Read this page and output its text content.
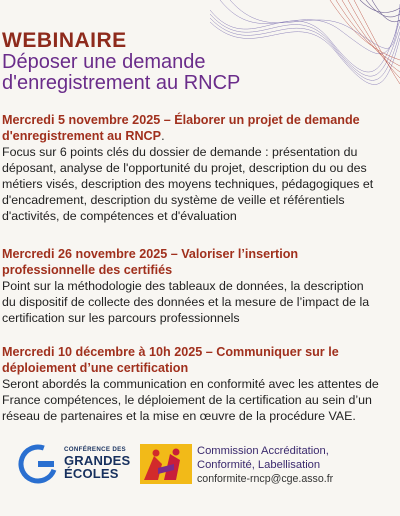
WEBINAIRE
Déposer une demande
d'enregistrement au RNCP
Mercredi 5 novembre 2025 – Élaborer un projet de demande
d'enregistrement au RNCP.
Focus sur 6 points clés du dossier de demande : présentation du
déposant, analyse de l'opportunité du projet, description du ou des
métiers visés, description des moyens techniques, pédagogiques et
d'encadrement, description du système de veille et référentiels
d'activités, de compétences et d'évaluation
Mercredi 26 novembre 2025 – Valoriser l’insertion
professionnelle des certifiés
Point sur la méthodologie des tableaux de données, la description
du dispositif de collecte des données et la mesure de l’impact de la
certification sur les parcours professionnels
Mercredi 10 décembre à 10h 2025 – Communiquer sur le
déploiement d’une certification
Seront abordés la communication en conformité avec les attentes de
France compétences, le déploiement de la certification au sein d’un
réseau de partenaires et la mise en œuvre de la procédure VAE.
CONFÉRENCE DES
GRANDES
ÉCOLES
Commission Accréditation,
Conformité, Labellisation
conformite-rncp@cge.asso.fr
